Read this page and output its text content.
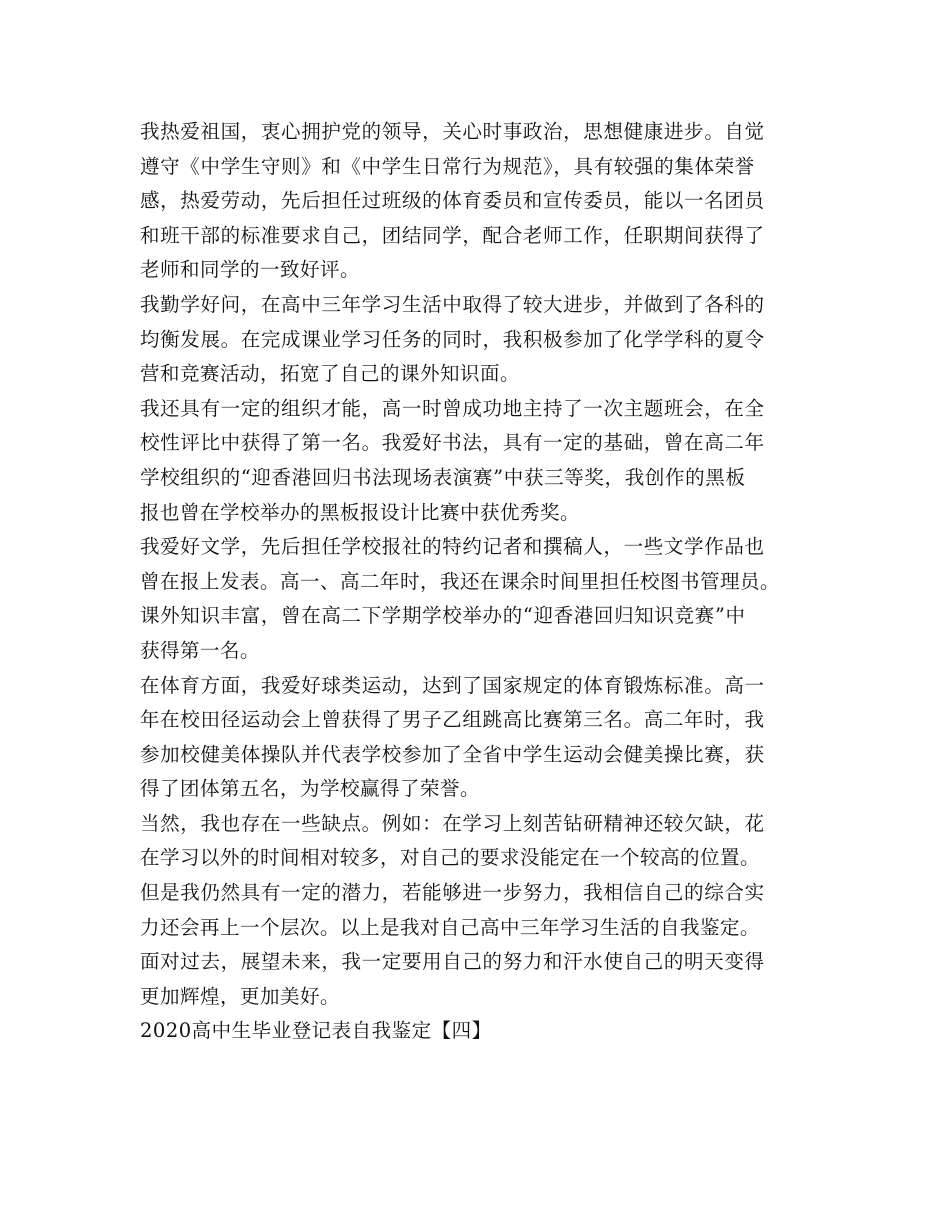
我热爱祖国，衷心拥护党的领导，关心时事政治，思想健康进步。自觉
遵守《中学生守则》和《中学生日常行为规范》，具有较强的集体荣誉
感，热爱劳动，先后担任过班级的体育委员和宣传委员，能以一名团员
和班干部的标准要求自己，团结同学，配合老师工作，任职期间获得了
老师和同学的一致好评。
我勤学好问，在高中三年学习生活中取得了较大进步，并做到了各科的
均衡发展。在完成课业学习任务的同时，我积极参加了化学学科的夏令
营和竞赛活动，拓宽了自己的课外知识面。
我还具有一定的组织才能，高一时曾成功地主持了一次主题班会，在全
校性评比中获得了第一名。我爱好书法，具有一定的基础，曾在高二年
学校组织的“迎香港回归书法现场表演赛”中获三等奖，我创作的黑板
报也曾在学校举办的黑板报设计比赛中获优秀奖。
我爱好文学，先后担任学校报社的特约记者和撰稿人，一些文学作品也
曾在报上发表。高一、高二年时，我还在课余时间里担任校图书管理员。
课外知识丰富，曾在高二下学期学校举办的“迎香港回归知识竞赛”中
获得第一名。
在体育方面，我爱好球类运动，达到了国家规定的体育锻炼标准。高一
年在校田径运动会上曾获得了男子乙组跳高比赛第三名。高二年时，我
参加校健美体操队并代表学校参加了全省中学生运动会健美操比赛，获
得了团体第五名，为学校赢得了荣誉。
当然，我也存在一些缺点。例如：在学习上刻苦钻研精神还较欠缺，花
在学习以外的时间相对较多，对自己的要求没能定在一个较高的位置。
但是我仍然具有一定的潜力，若能够进一步努力，我相信自己的综合实
力还会再上一个层次。以上是我对自己高中三年学习生活的自我鉴定。
面对过去，展望未来，我一定要用自己的努力和汗水使自己的明天变得
更加辉煌，更加美好。
2020高中生毕业登记表自我鉴定【四】
